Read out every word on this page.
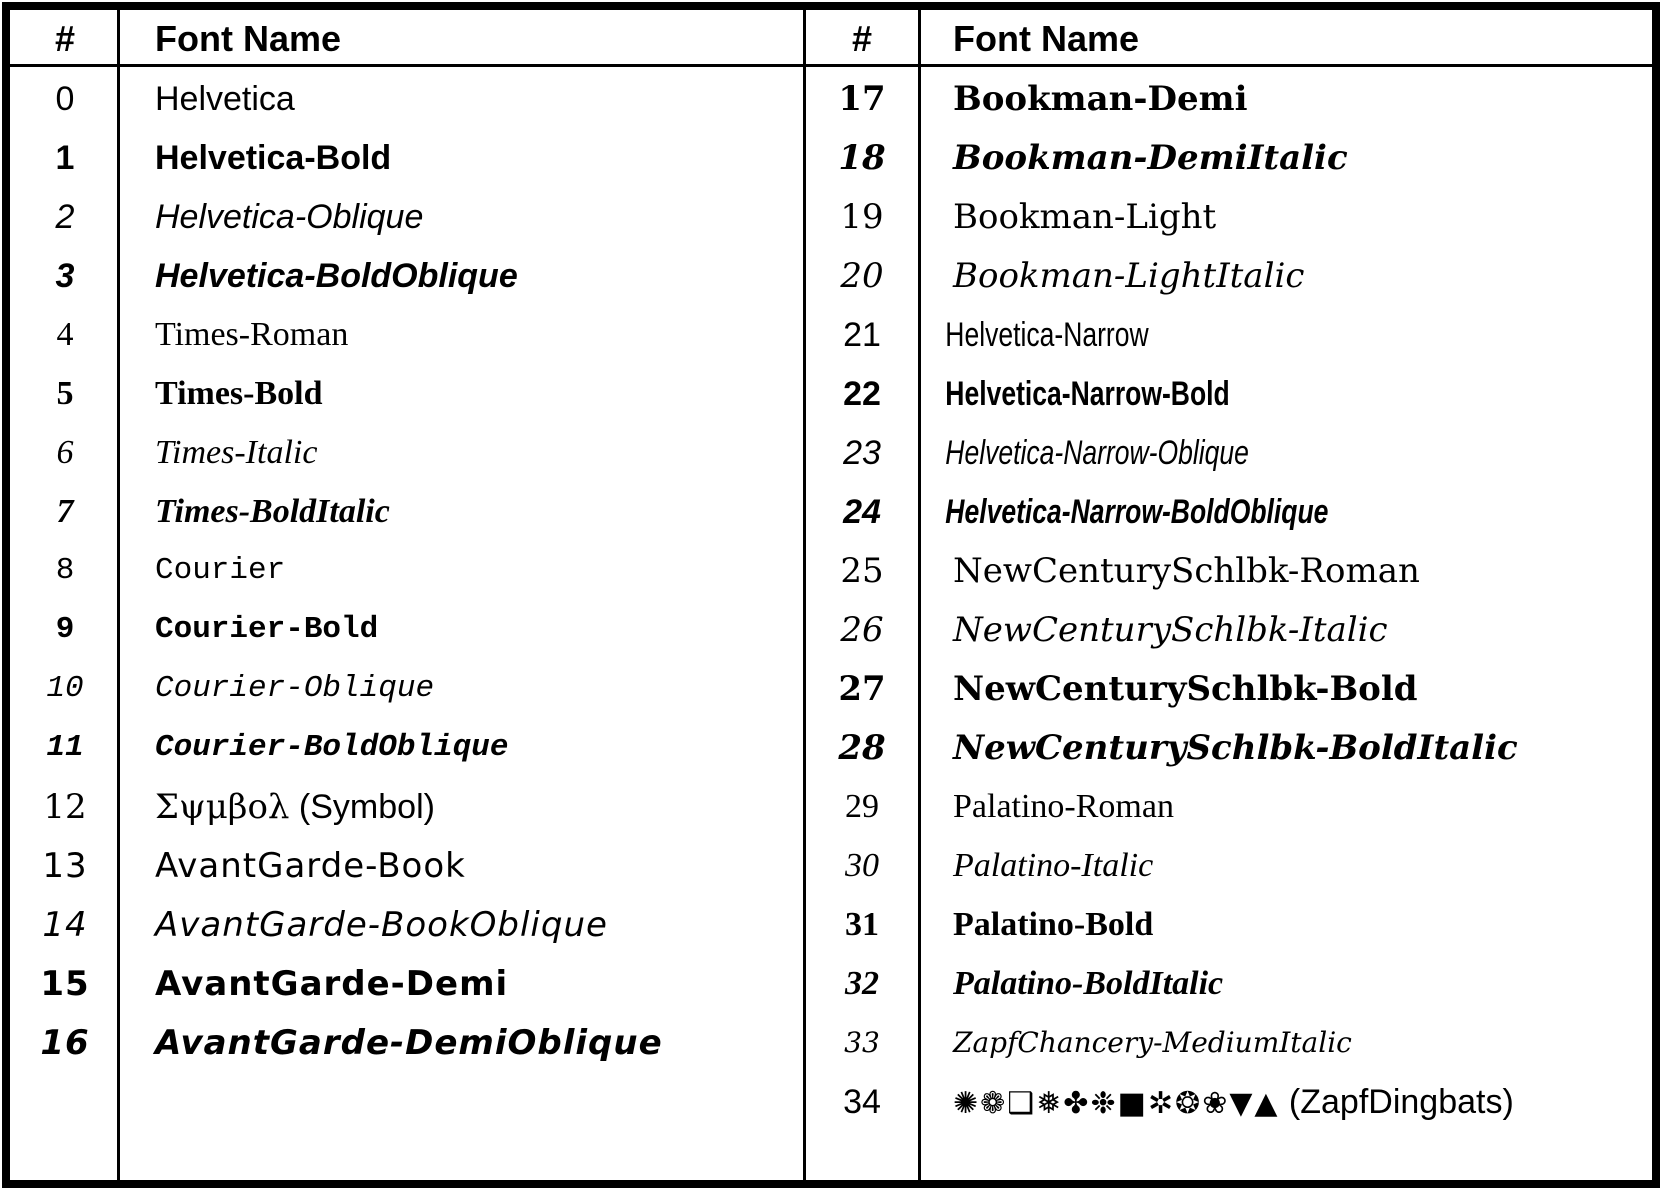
#	Font Name
0	Helvetica
1	Helvetica-Bold
2	Helvetica-Oblique
3	Helvetica-BoldOblique
4	Times-Roman
5	Times-Bold
6	Times-Italic
7	Times-BoldItalic
8	Courier
9	Courier-Bold
10	Courier-Oblique
11	Courier-BoldOblique
12	Σψμβολ (Symbol)
13	AvantGarde-Book
14	AvantGarde-BookOblique
15	AvantGarde-Demi
16	AvantGarde-DemiOblique
#	Font Name
17	Bookman-Demi
18	Bookman-DemiItalic
19	Bookman-Light
20	Bookman-LightItalic
21	Helvetica-Narrow
22	Helvetica-Narrow-Bold
23	Helvetica-Narrow-Oblique
24	Helvetica-Narrow-BoldOblique
25	NewCenturySchlbk-Roman
26	NewCenturySchlbk-Italic
27	NewCenturySchlbk-Bold
28	NewCenturySchlbk-BoldItalic
29	Palatino-Roman
30	Palatino-Italic
31	Palatino-Bold
32	Palatino-BoldItalic
33	ZapfChancery-MediumItalic
34	✺❁❑❅✤❉■✲❂❀▼▲ (ZapfDingbats)
